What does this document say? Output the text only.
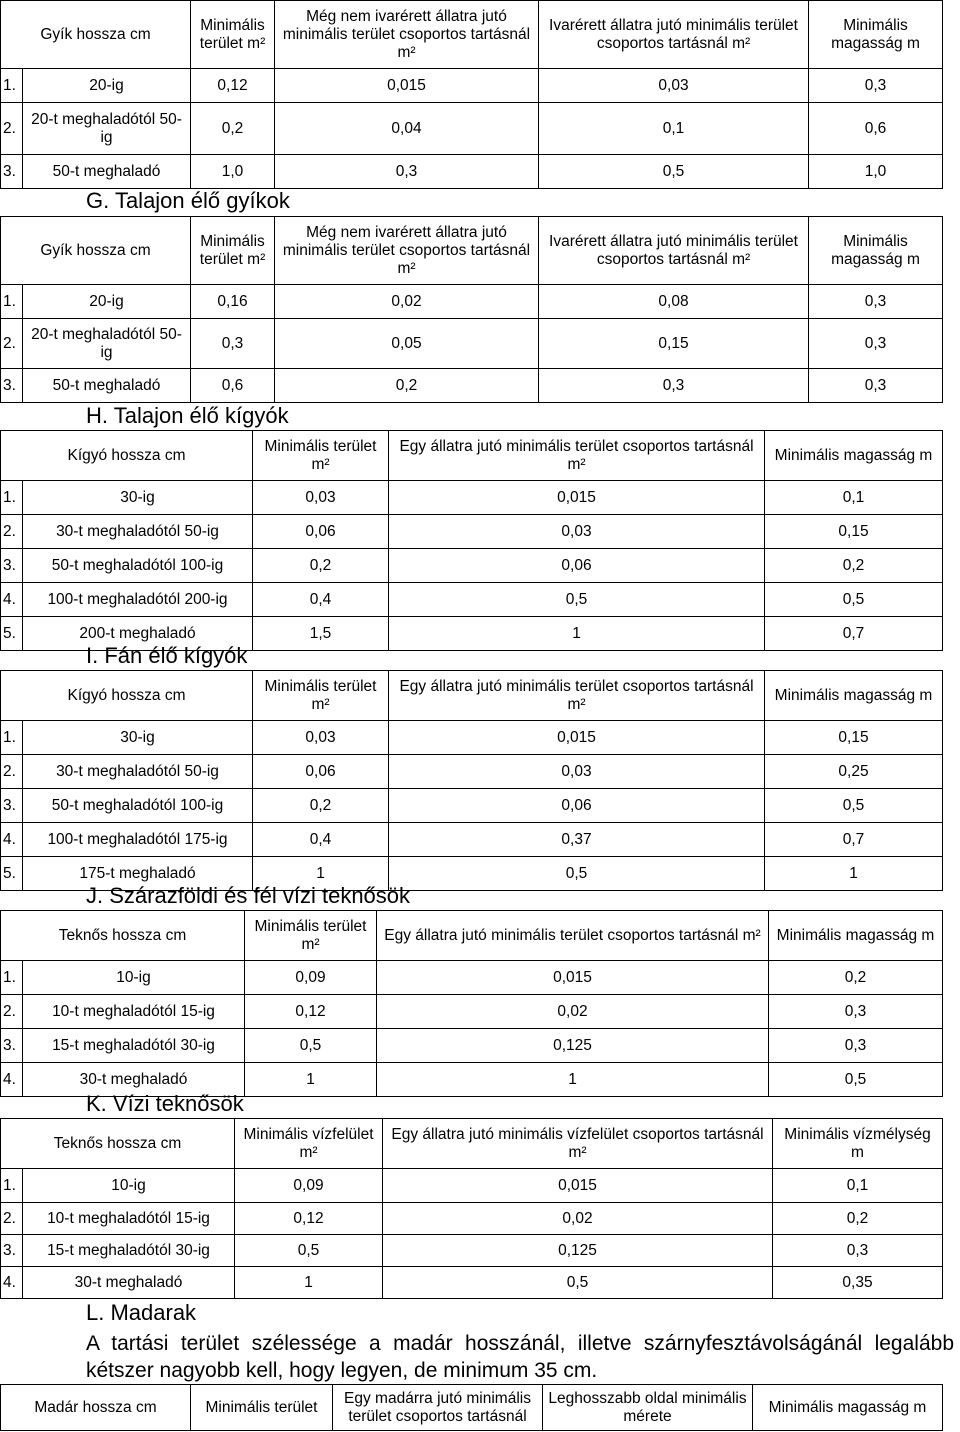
Gyík hossza cm		Minimális terület m²	Még nem ivarérett állatra jutó minimális terület csoportos tartásnál m²	Ivarérett állatra jutó minimális terület csoportos tartásnál m²	Minimális magasság m
1.	20-ig	0,12	0,015	0,03	0,3
2.	20-t meghaladótól 50-ig	0,2	0,04	0,1	0,6
3.	50-t meghaladó	1,0	0,3	0,5	1,0
G. Talajon élő gyíkok
Gyík hossza cm		Minimális terület m²	Még nem ivarérett állatra jutó minimális terület csoportos tartásnál m²	Ivarérett állatra jutó minimális terület csoportos tartásnál m²	Minimális magasság m
1.	20-ig	0,16	0,02	0,08	0,3
2.	20-t meghaladótól 50-ig	0,3	0,05	0,15	0,3
3.	50-t meghaladó	0,6	0,2	0,3	0,3
H. Talajon élő kígyók
Kígyó hossza cm		Minimális terület m²	Egy állatra jutó minimális terület csoportos tartásnál m²	Minimális magasság m
1.	30-ig	0,03	0,015	0,1
2.	30-t meghaladótól 50-ig	0,06	0,03	0,15
3.	50-t meghaladótól 100-ig	0,2	0,06	0,2
4.	100-t meghaladótól 200-ig	0,4	0,5	0,5
5.	200-t meghaladó	1,5	1	0,7
I. Fán élő kígyók
Kígyó hossza cm		Minimális terület m²	Egy állatra jutó minimális terület csoportos tartásnál m²	Minimális magasság m
1.	30-ig	0,03	0,015	0,15
2.	30-t meghaladótól 50-ig	0,06	0,03	0,25
3.	50-t meghaladótól 100-ig	0,2	0,06	0,5
4.	100-t meghaladótól 175-ig	0,4	0,37	0,7
5.	175-t meghaladó	1	0,5	1
J. Szárazföldi és fél vízi teknősök
Teknős hossza cm		Minimális terület m²	Egy állatra jutó minimális terület csoportos tartásnál m²	Minimális magasság m
1.	10-ig	0,09	0,015	0,2
2.	10-t meghaladótól 15-ig	0,12	0,02	0,3
3.	15-t meghaladótól 30-ig	0,5	0,125	0,3
4.	30-t meghaladó	1	1	0,5
K. Vízi teknősök
Teknős hossza cm		Minimális vízfelület m²	Egy állatra jutó minimális vízfelület csoportos tartásnál m²	Minimális vízmélység m
1.	10-ig	0,09	0,015	0,1
2.	10-t meghaladótól 15-ig	0,12	0,02	0,2
3.	15-t meghaladótól 30-ig	0,5	0,125	0,3
4.	30-t meghaladó	1	0,5	0,35
L. Madarak
A tartási terület szélessége a madár hosszánál, illetve szárnyfesztávolságánál legalább kétszer nagyobb kell, hogy legyen, de minimum 35 cm.
Madár hossza cm	Minimális terület	Egy madárra jutó minimális terület csoportos tartásnál	Leghosszabb oldal minimális mérete	Minimális magasság m
